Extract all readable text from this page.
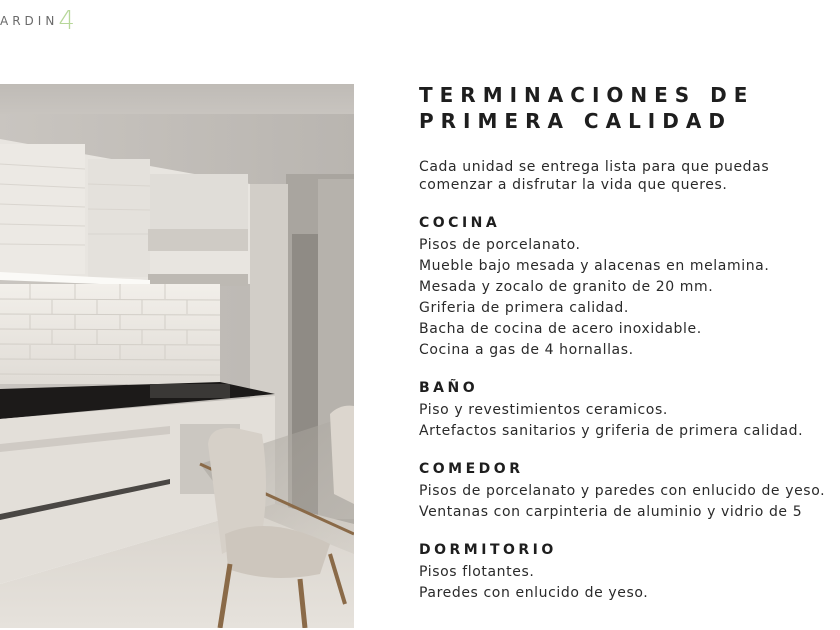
ARDIN 4
TERMINACIONES DE
PRIMERA CALIDAD

Cada unidad se entrega lista para que puedas
comenzar a disfrutar la vida que queres.

COCINA

Pisos de porcelanato.

Mueble bajo mesada y alacenas en melamina.

Mesada y zocalo de granito de 20 mm.

Griferia de primera calidad.

Bacha de cocina de acero inoxidable.

Cocina a gas de 4 hornallas.

BAÑO

Piso y revestimientos ceramicos.

Artefactos sanitarios y griferia de primera calidad.

COMEDOR

Pisos de porcelanato y paredes con enlucido de yeso.

Ventanas con carpinteria de aluminio y vidrio de 5

DORMITORIO

Pisos flotantes.

Paredes con enlucido de yeso.
